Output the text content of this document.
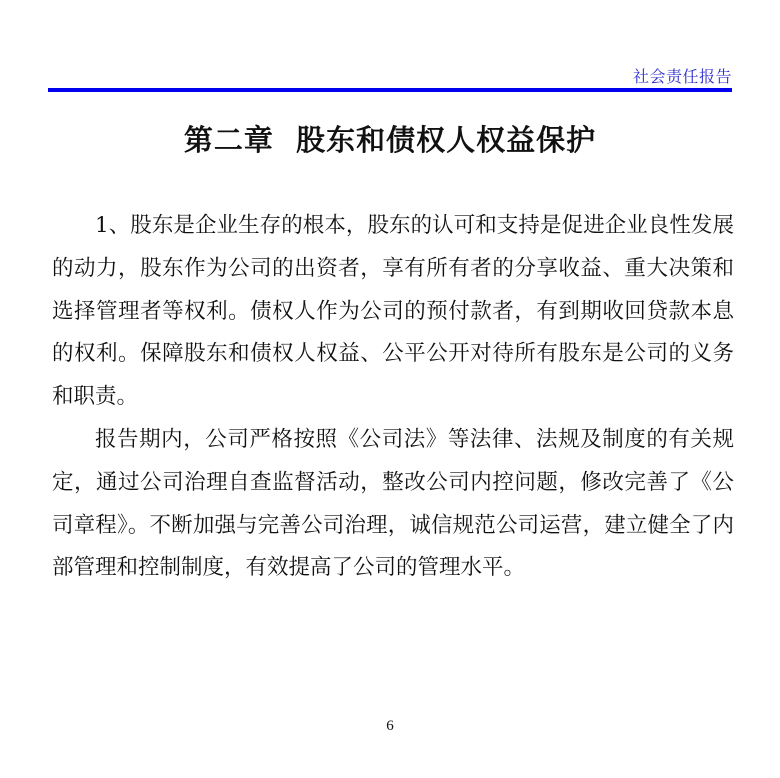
社会责任报告
第二章  股东和债权人权益保护

1、股东是企业生存的根本，股东的认可和支持是促进企业良性发展的动力，股东作为公司的出资者，享有所有者的分享收益、重大决策和选择管理者等权利。债权人作为公司的预付款者，有到期收回贷款本息的权利。保障股东和债权人权益、公平公开对待所有股东是公司的义务和职责。

报告期内，公司严格按照《公司法》等法律、法规及制度的有关规定，通过公司治理自查监督活动，整改公司内控问题，修改完善了《公司章程》。不断加强与完善公司治理，诚信规范公司运营，建立健全了内部管理和控制制度，有效提高了公司的管理水平。

6
